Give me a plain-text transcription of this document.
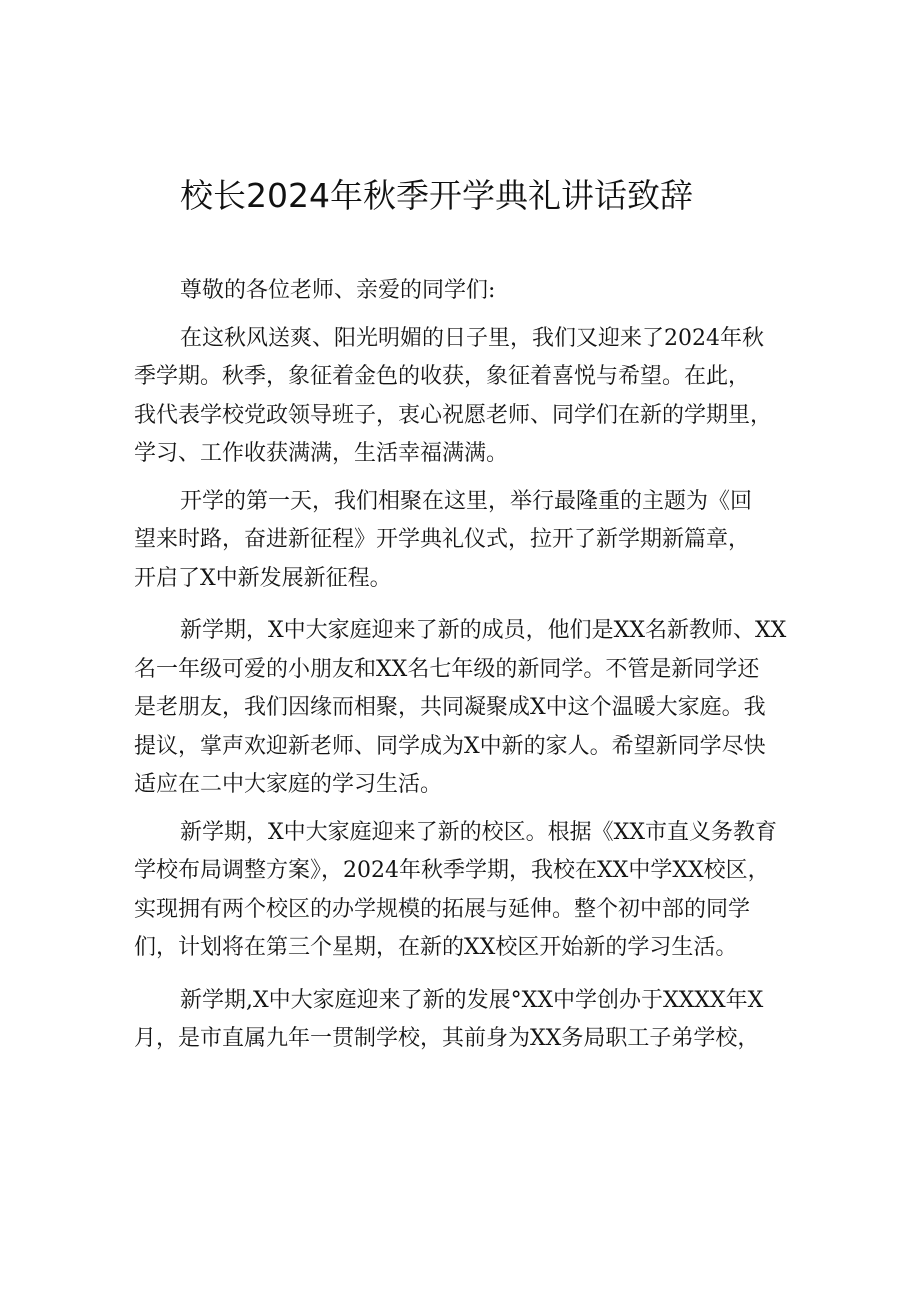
校长2024年秋季开学典礼讲话致辞
尊敬的各位老师、亲爱的同学们:
在这秋风送爽、阳光明媚的日子里，我们又迎来了2024年秋
季学期。秋季，象征着金色的收获，象征着喜悦与希望。在此，
我代表学校党政领导班子，衷心祝愿老师、同学们在新的学期里，
学习、工作收获满满，生活幸福满满。
开学的第一天，我们相聚在这里，举行最隆重的主题为《回
望来时路，奋进新征程》开学典礼仪式，拉开了新学期新篇章，
开启了X中新发展新征程。
新学期，X中大家庭迎来了新的成员，他们是XX名新教师、XX
名一年级可爱的小朋友和XX名七年级的新同学。不管是新同学还
是老朋友，我们因缘而相聚，共同凝聚成X中这个温暖大家庭。我
提议，掌声欢迎新老师、同学成为X中新的家人。希望新同学尽快
适应在二中大家庭的学习生活。
新学期，X中大家庭迎来了新的校区。根据《XX市直义务教育
学校布局调整方案》，2024年秋季学期，我校在XX中学XX校区，
实现拥有两个校区的办学规模的拓展与延伸。整个初中部的同学
们，计划将在第三个星期，在新的XX校区开始新的学习生活。
新学期,X中大家庭迎来了新的发展°XX中学创办于XXXX年X
月，是市直属九年一贯制学校，其前身为XX务局职工子弟学校，
